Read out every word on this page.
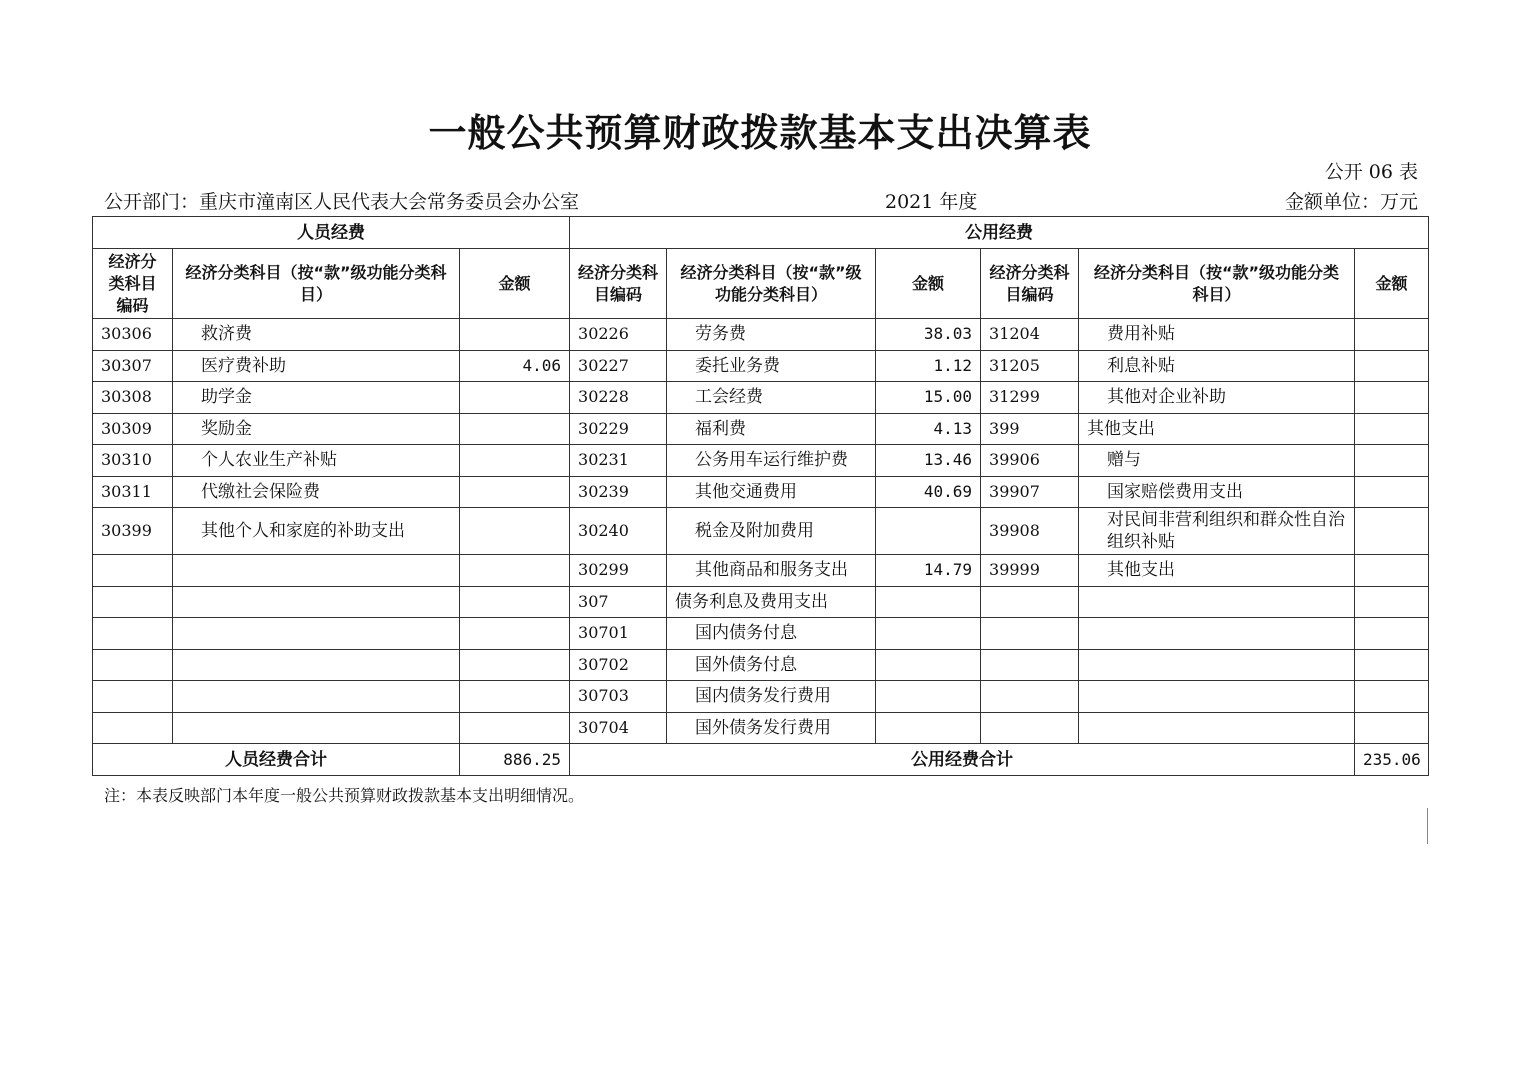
一般公共预算财政拨款基本支出决算表
公开 06 表
公开部门：重庆市潼南区人民代表大会常务委员会办公室	2021 年度	金额单位：万元
人员经费			公用经费					
经济分类科目编码	经济分类科目（按“款”级功能分类科目）	金额	经济分类科目编码	经济分类科目（按“款”级功能分类科目）	金额	经济分类科目编码	经济分类科目（按“款”级功能分类科目）	金额
30306	救济费		30226	劳务费	38.03	31204	费用补贴	
30307	医疗费补助	4.06	30227	委托业务费	1.12	31205	利息补贴	
30308	助学金		30228	工会经费	15.00	31299	其他对企业补助	
30309	奖励金		30229	福利费	4.13	399	其他支出	
30310	个人农业生产补贴		30231	公务用车运行维护费	13.46	39906	赠与	
30311	代缴社会保险费		30239	其他交通费用	40.69	39907	国家赔偿费用支出	
30399	其他个人和家庭的补助支出		30240	税金及附加费用		39908	对民间非营利组织和群众性自治组织补贴	
			30299	其他商品和服务支出	14.79	39999	其他支出	
			307	债务利息及费用支出				
			30701	国内债务付息				
			30702	国外债务付息				
			30703	国内债务发行费用				
			30704	国外债务发行费用				
人员经费合计		886.25	公用经费合计					235.06
注：本表反映部门本年度一般公共预算财政拨款基本支出明细情况。
